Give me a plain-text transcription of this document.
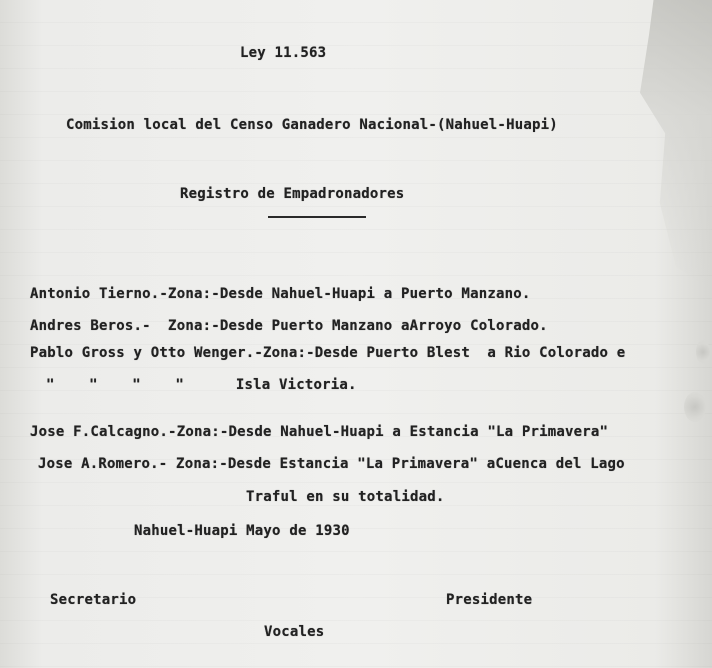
Ley 11.563

Comision local del Censo Ganadero Nacional-(Nahuel-Huapi)

Registro de Empadronadores

Antonio Tierno.-Zona:-Desde Nahuel-Huapi a Puerto Manzano.

Andres Beros.-  Zona:-Desde Puerto Manzano aArroyo Colorado.

Pablo Gross y Otto Wenger.-Zona:-Desde Puerto Blest  a Rio Colorado e

"    "    "    "      Isla Victoria.

Jose F.Calcagno.-Zona:-Desde Nahuel-Huapi a Estancia "La Primavera"

Jose A.Romero.- Zona:-Desde Estancia "La Primavera" aCuenca del Lago

Traful en su totalidad.

Nahuel-Huapi Mayo de 1930

Secretario	Presidente

Vocales
